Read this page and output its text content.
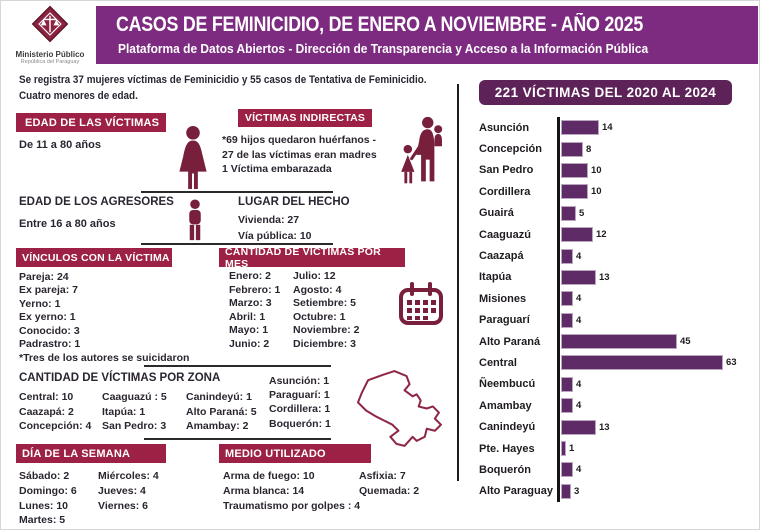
Ministerio Público
República del Paraguay
CASOS DE FEMINICIDIO, DE ENERO A NOVIEMBRE - AÑO 2025
Plataforma de Datos Abiertos - Dirección de Transparencia y Acceso a la Información Pública
Se registra 37 mujeres víctimas de Feminicidio y 55 casos de Tentativa de Feminicidio.
Cuatro menores de edad.
EDAD DE LAS VÍCTIMAS
De 11 a 80 años
VÍCTIMAS INDIRECTAS
*69 hijos quedaron huérfanos -
27 de las víctimas eran madres
1 Víctima embarazada
EDAD DE LOS AGRESORES
Entre 16 a 80 años
LUGAR DEL HECHO
Vivienda: 27
Vía pública: 10
VÍNCULOS CON LA VÍCTIMA
Pareja: 24
Ex pareja: 7
Yerno: 1
Ex yerno: 1
Conocido: 3
Padrastro: 1
*Tres de los autores se suicidaron
CANTIDAD DE VÍCTIMAS POR MES
Enero: 2
Febrero: 1
Marzo: 3
Abril: 1
Mayo: 1
Junio: 2
Julio: 12
Agosto: 4
Setiembre: 5
Octubre: 1
Noviembre: 2
Diciembre: 3
CANTIDAD DE VÍCTIMAS POR ZONA
Central: 10
Caazapá: 2
Concepción: 4
Caaguazú : 5
Itapúa: 1
San Pedro: 3
Canindeyú: 1
Alto Paraná: 5
Amambay: 2
Asunción: 1
Paraguarí: 1
Cordillera: 1
Boquerón: 1
DÍA DE LA SEMANA
Sábado: 2
Domingo: 6
Lunes: 10
Martes: 5
Miércoles: 4
Jueves: 4
Viernes: 6
MEDIO UTILIZADO
Arma de fuego: 10
Arma blanca: 14
Traumatismo por golpes : 4
Asfixia: 7
Quemada: 2
221 VÍCTIMAS DEL 2020 AL 2024
Asunción	14
Concepción	8
San Pedro	10
Cordillera	10
Guairá	5
Caaguazú	12
Caazapá	4
Itapúa	13
Misiones	4
Paraguarí	4
Alto Paraná	45
Central	63
Ñeembucú	4
Amambay	4
Canindeyú	13
Pte. Hayes	1
Boquerón	4
Alto Paraguay	3
